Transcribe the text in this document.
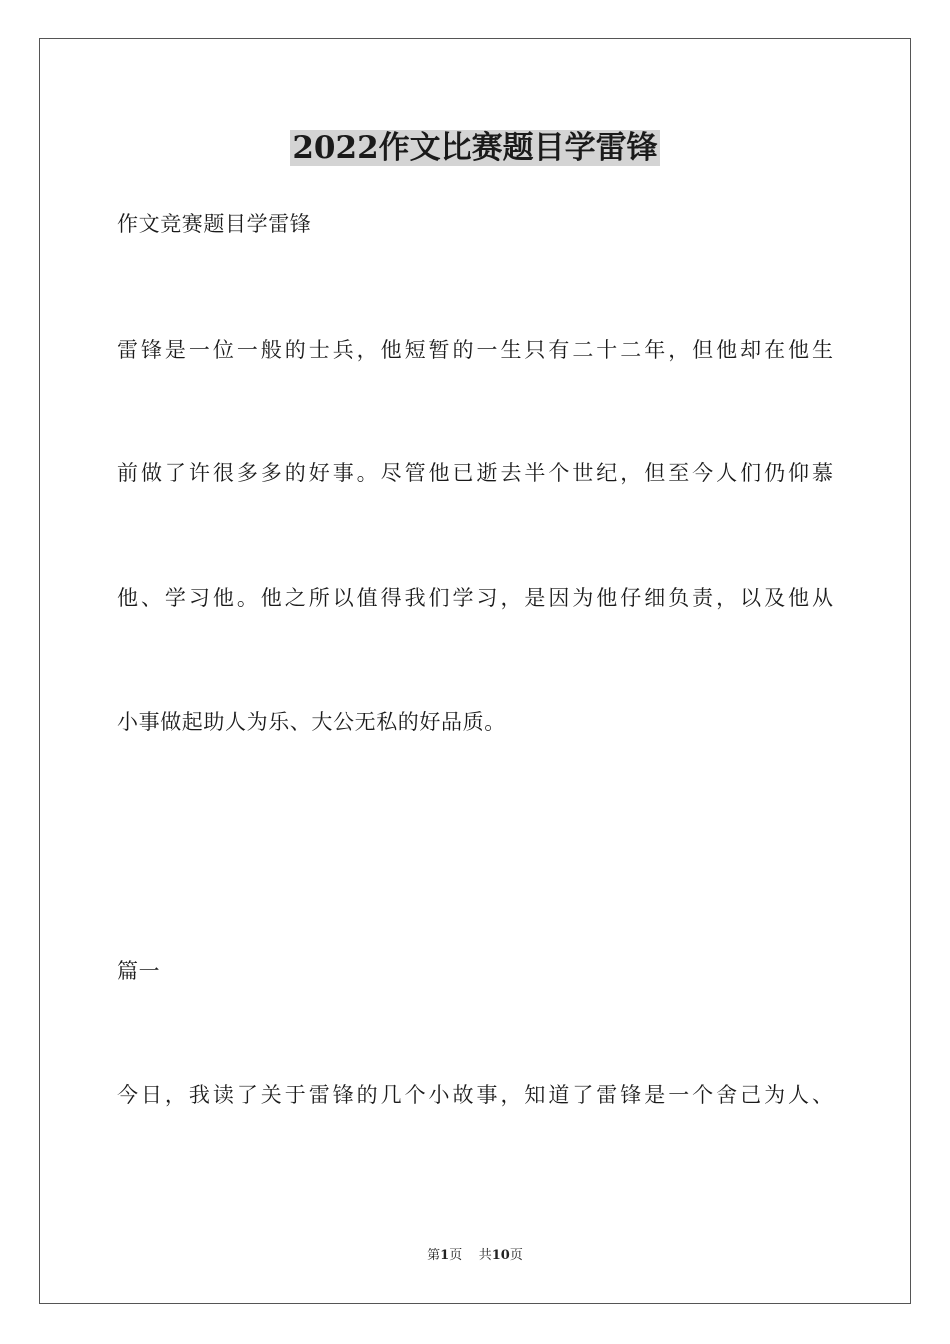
2022作文比赛题目学雷锋
作文竞赛题目学雷锋
雷锋是一位一般的士兵，他短暂的一生只有二十二年，但他却在他生
前做了许很多多的好事。尽管他已逝去半个世纪，但至今人们仍仰慕
他、学习他。他之所以值得我们学习，是因为他仔细负责，以及他从
小事做起助人为乐、大公无私的好品质。
篇一
今日，我读了关于雷锋的几个小故事，知道了雷锋是一个舍己为人、
第1页 共10页
